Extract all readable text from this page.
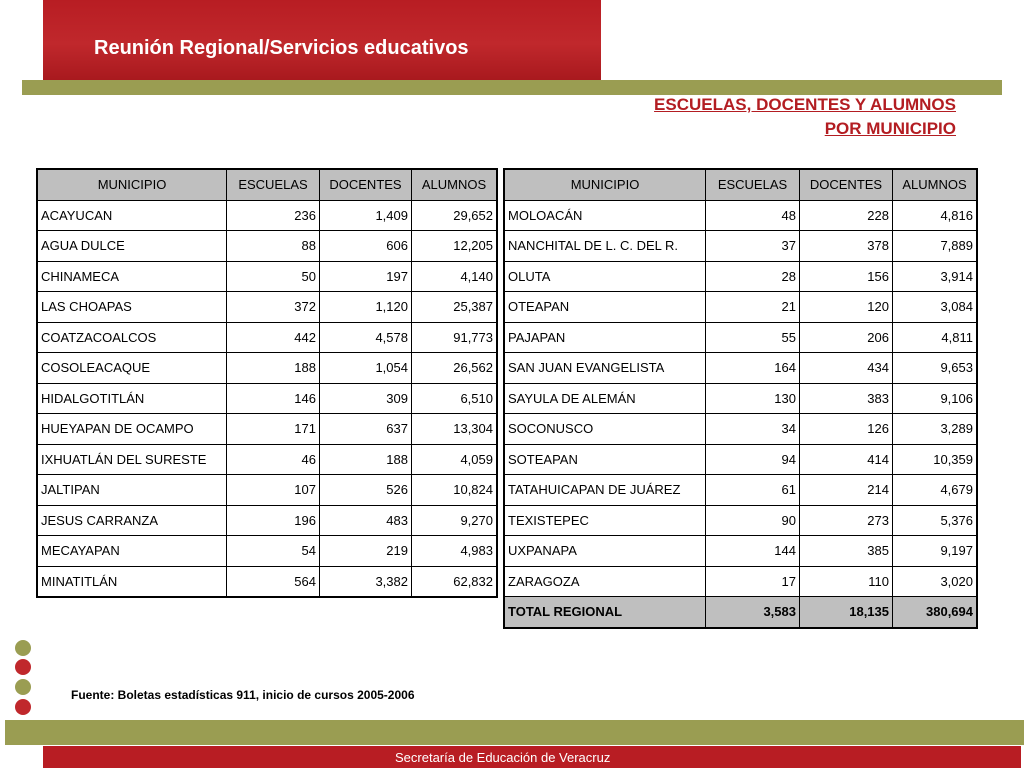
Reunión Regional/Servicios educativos
ESCUELAS, DOCENTES Y ALUMNOS
POR MUNICIPIO
MUNICIPIO	ESCUELAS	DOCENTES	ALUMNOS
ACAYUCAN	236	1,409	29,652
AGUA DULCE	88	606	12,205
CHINAMECA	50	197	4,140
LAS CHOAPAS	372	1,120	25,387
COATZACOALCOS	442	4,578	91,773
COSOLEACAQUE	188	1,054	26,562
HIDALGOTITLÁN	146	309	6,510
HUEYAPAN DE OCAMPO	171	637	13,304
IXHUATLÁN DEL SURESTE	46	188	4,059
JALTIPAN	107	526	10,824
JESUS CARRANZA	196	483	9,270
MECAYAPAN	54	219	4,983
MINATITLÁN	564	3,382	62,832
MUNICIPIO	ESCUELAS	DOCENTES	ALUMNOS
MOLOACÁN	48	228	4,816
NANCHITAL DE L. C. DEL R.	37	378	7,889
OLUTA	28	156	3,914
OTEAPAN	21	120	3,084
PAJAPAN	55	206	4,811
SAN JUAN EVANGELISTA	164	434	9,653
SAYULA DE ALEMÁN	130	383	9,106
SOCONUSCO	34	126	3,289
SOTEAPAN	94	414	10,359
TATAHUICAPAN DE JUÁREZ	61	214	4,679
TEXISTEPEC	90	273	5,376
UXPANAPA	144	385	9,197
ZARAGOZA	17	110	3,020
TOTAL REGIONAL	3,583	18,135	380,694
Fuente: Boletas estadísticas 911, inicio de cursos 2005-2006
Secretaría de Educación de Veracruz
